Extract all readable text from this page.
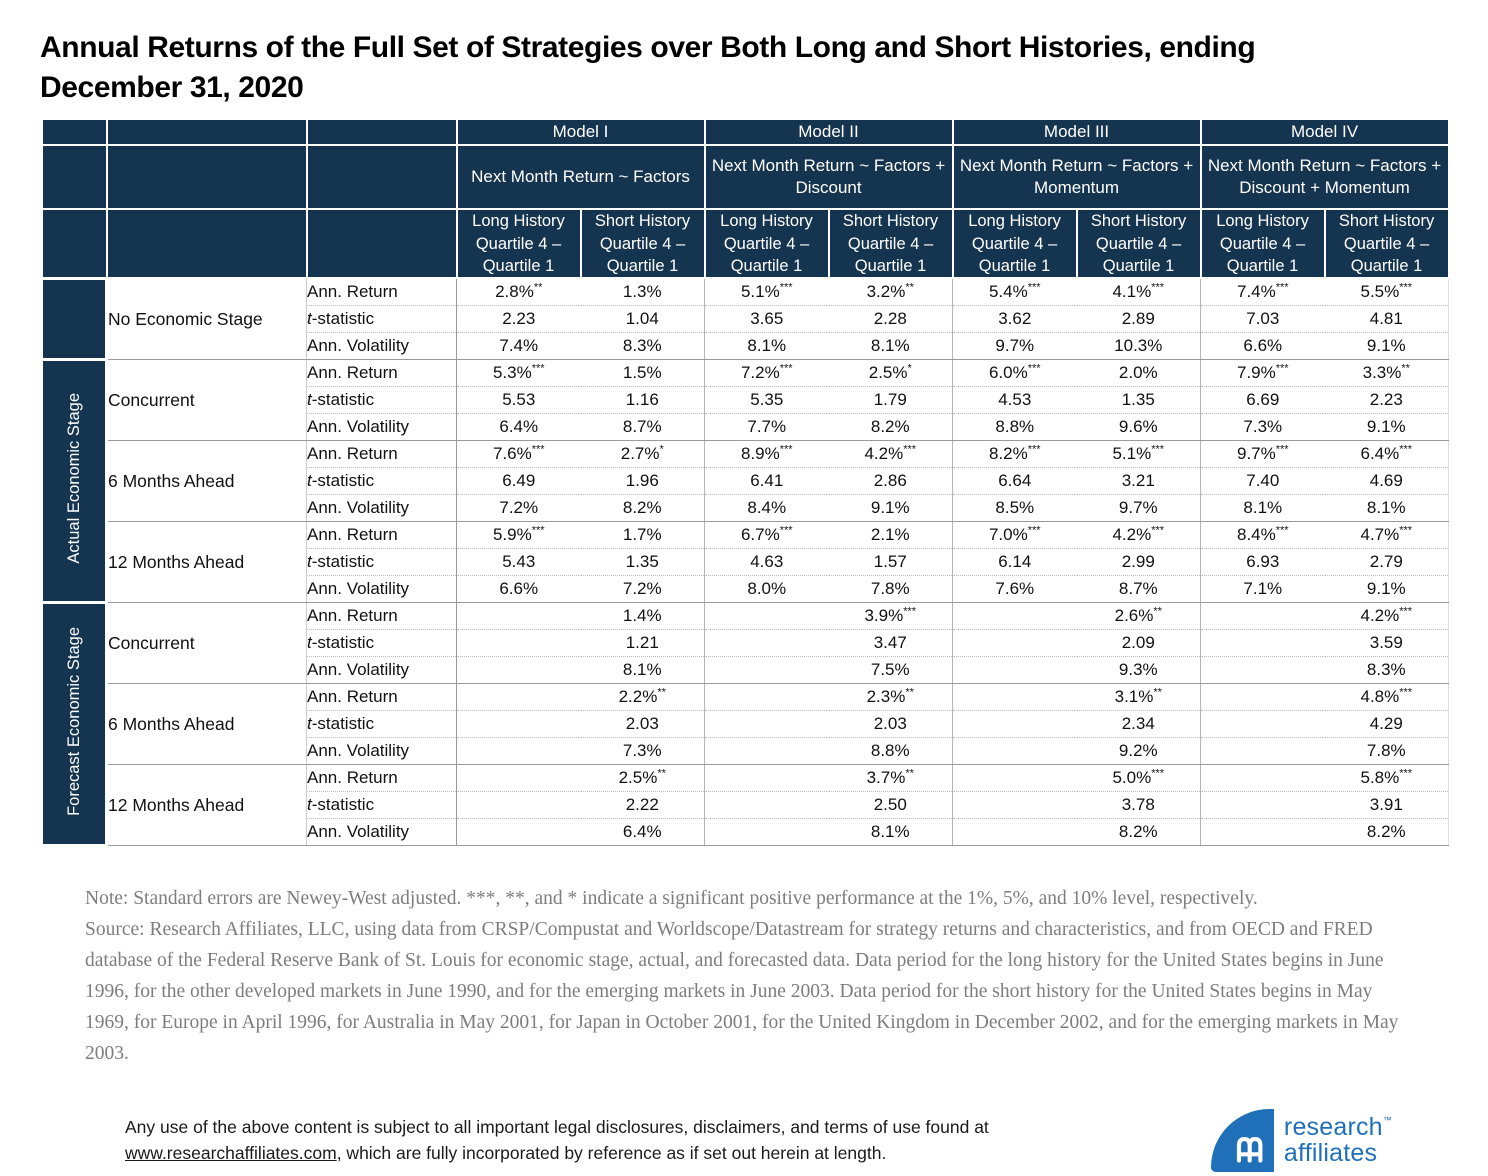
Annual Returns of the Full Set of Strategies over Both Long and Short Histories, ending December 31, 2020
			Model I		Model II		Model III		Model IV	
			Next Month Return ~ Factors		Next Month Return ~ Factors + Discount		Next Month Return ~ Factors + Momentum		Next Month Return ~ Factors + Discount + Momentum	
			Long History Quartile 4 – Quartile 1	Short History Quartile 4 – Quartile 1	Long History Quartile 4 – Quartile 1	Short History Quartile 4 – Quartile 1	Long History Quartile 4 – Quartile 1	Short History Quartile 4 – Quartile 1	Long History Quartile 4 – Quartile 1	Short History Quartile 4 – Quartile 1
	No Economic Stage	Ann. Return	2.8%**	1.3%	5.1%***	3.2%**	5.4%***	4.1%***	7.4%***	5.5%***
		t-statistic	2.23	1.04	3.65	2.28	3.62	2.89	7.03	4.81
		Ann. Volatility	7.4%	8.3%	8.1%	8.1%	9.7%	10.3%	6.6%	9.1%
Actual Economic Stage	Concurrent	Ann. Return	5.3%***	1.5%	7.2%***	2.5%*	6.0%***	2.0%	7.9%***	3.3%**
		t-statistic	5.53	1.16	5.35	1.79	4.53	1.35	6.69	2.23
		Ann. Volatility	6.4%	8.7%	7.7%	8.2%	8.8%	9.6%	7.3%	9.1%
	6 Months Ahead	Ann. Return	7.6%***	2.7%*	8.9%***	4.2%***	8.2%***	5.1%***	9.7%***	6.4%***
		t-statistic	6.49	1.96	6.41	2.86	6.64	3.21	7.40	4.69
		Ann. Volatility	7.2%	8.2%	8.4%	9.1%	8.5%	9.7%	8.1%	8.1%
	12 Months Ahead	Ann. Return	5.9%***	1.7%	6.7%***	2.1%	7.0%***	4.2%***	8.4%***	4.7%***
		t-statistic	5.43	1.35	4.63	1.57	6.14	2.99	6.93	2.79
		Ann. Volatility	6.6%	7.2%	8.0%	7.8%	7.6%	8.7%	7.1%	9.1%
Forecast Economic Stage	Concurrent	Ann. Return		1.4%		3.9%***		2.6%**		4.2%***
		t-statistic		1.21		3.47		2.09		3.59
		Ann. Volatility		8.1%		7.5%		9.3%		8.3%
	6 Months Ahead	Ann. Return		2.2%**		2.3%**		3.1%**		4.8%***
		t-statistic		2.03		2.03		2.34		4.29
		Ann. Volatility		7.3%		8.8%		9.2%		7.8%
	12 Months Ahead	Ann. Return		2.5%**		3.7%**		5.0%***		5.8%***
		t-statistic		2.22		2.50		3.78		3.91
		Ann. Volatility		6.4%		8.1%		8.2%		8.2%

Note: Standard errors are Newey-West adjusted. ***, **, and * indicate a significant positive performance at the 1%, 5%, and 10% level, respectively.

Source: Research Affiliates, LLC, using data from CRSP/Compustat and Worldscope/Datastream for strategy returns and characteristics, and from OECD and FRED database of the Federal Reserve Bank of St. Louis for economic stage, actual, and forecasted data. Data period for the long history for the United States begins in June 1996, for the other developed markets in June 1990, and for the emerging markets in June 2003. Data period for the short history for the United States begins in May 1969, for Europe in April 1996, for Australia in May 2001, for Japan in October 2001, for the United Kingdom in December 2002, and for the emerging markets in May 2003.

Any use of the above content is subject to all important legal disclosures, disclaimers, and terms of use found at www.researchaffiliates.com, which are fully incorporated by reference as if set out herein at length.
research™
affiliates
